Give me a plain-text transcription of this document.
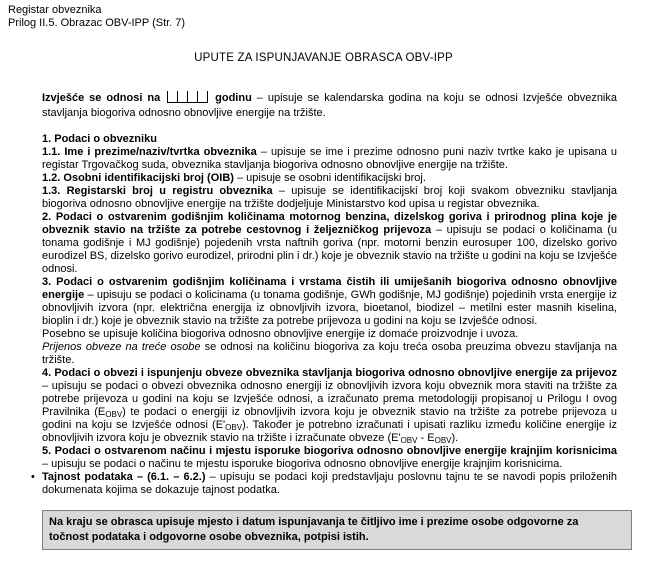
Registar obveznika
Prilog II.5. Obrazac OBV-IPP (Str. 7)
UPUTE ZA ISPUNJAVANJE OBRASCA OBV-IPP

Izvješće se odnosi na	godinu – upisuje se kalendarska godina na koju se odnosi Izvješće obveznika stavljanja biogoriva odnosno obnovljive energije na tržište.

1. Podaci o obvezniku

1.1. Ime i prezime/naziv/tvrtka obveznika – upisuje se ime i prezime odnosno puni naziv tvrtke kako je upisana u registar Trgovačkog suda, obveznika stavljanja biogoriva odnosno obnovljive energije na tržište.

1.2. Osobni identifikacijski broj (OIB) – upisuje se osobni identifikacijski broj.

1.3. Registarski broj u registru obveznika – upisuje se identifikacijski broj koji svakom obvezniku stavljanja biogoriva odnosno obnovljive energije na tržište dodjeljuje Ministarstvo kod upisa u registar obveznika.

2. Podaci o ostvarenim godišnjim količinama motornog benzina, dizelskog goriva i prirodnog plina koje je obveznik stavio na tržište za potrebe cestovnog i željezničkog prijevoza – upisuju se podaci o količinama (u tonama godišnje i MJ godišnje) pojedenih vrsta naftnih goriva (npr. motorni benzin eurosuper 100, dizelsko gorivo eurodizel BS, dizelsko gorivo eurodizel, prirodni plin i dr.) koje je obveznik stavio na tržište u godini na koju se Izvješće odnosi.

3. Podaci o ostvarenim godišnjim količinama i vrstama čistih ili umiješanih biogoriva odnosno obnovljive energije – upisuju se podaci o kolicinama (u tonama godišnje, GWh godišnje, MJ godišnje) pojedinih vrsta energije iz obnovljivih izvora (npr. električna energija iz obnovljivih izvora, bioetanol, biodizel – metilni ester masnih kiselina, bioplin i dr.) koje je obveznik stavio na tržište za potrebe prijevoza u godini na koju se Izvješće odnosi.

Posebno se upisuje količina biogoriva odnosno obnovljive energije iz domaće proizvodnje i uvoza.

Prijenos obveze na treće osobe se odnosi na količinu biogoriva za koju treća osoba preuzima obvezu stavljanja na tržište.

4. Podaci o obvezi i ispunjenju obveze obveznika stavljanja biogoriva odnosno obnovljive energije za prijevoz – upisuju se podaci o obvezi obveznika odnosno energiji iz obnovljivih izvora koju obveznik mora staviti na tržište za potrebe prijevoza u godini na koju se Izvješće odnosi, a izračunato prema metodologiji propisanoj u Prilogu I ovog Pravilnika $(E_{OBV})$ te podaci o energiji iz obnovljivih izvora koju je obveznik stavio na tržište za potrebe prijevoza u godini na koju se Izvješće odnosi $(E'_{OBV})$. Također je potrebno izračunati i upisati razliku između količine energije iz obnovljivih izvora koju je obveznik stavio na tržište i izračunate obveze $(E'_{OBV} - E_{OBV})$.

5. Podaci o ostvarenom načinu i mjestu isporuke biogoriva odnosno obnovljive energije krajnjim korisnicima – upisuju se podaci o načinu te mjestu isporuke biogoriva odnosno obnovljive energije krajnjim korisnicima.

• Tajnost podataka – (6.1. – 6.2.) – upisuju se podaci koji predstavljaju poslovnu tajnu te se navodi popis priloženih dokumenata kojima se dokazuje tajnost podatka.

Na kraju se obrasca upisuje mjesto i datum ispunjavanja te čitljivo ime i prezime osobe odgovorne za
točnost podataka i odgovorne osobe obveznika, potpisi istih.
